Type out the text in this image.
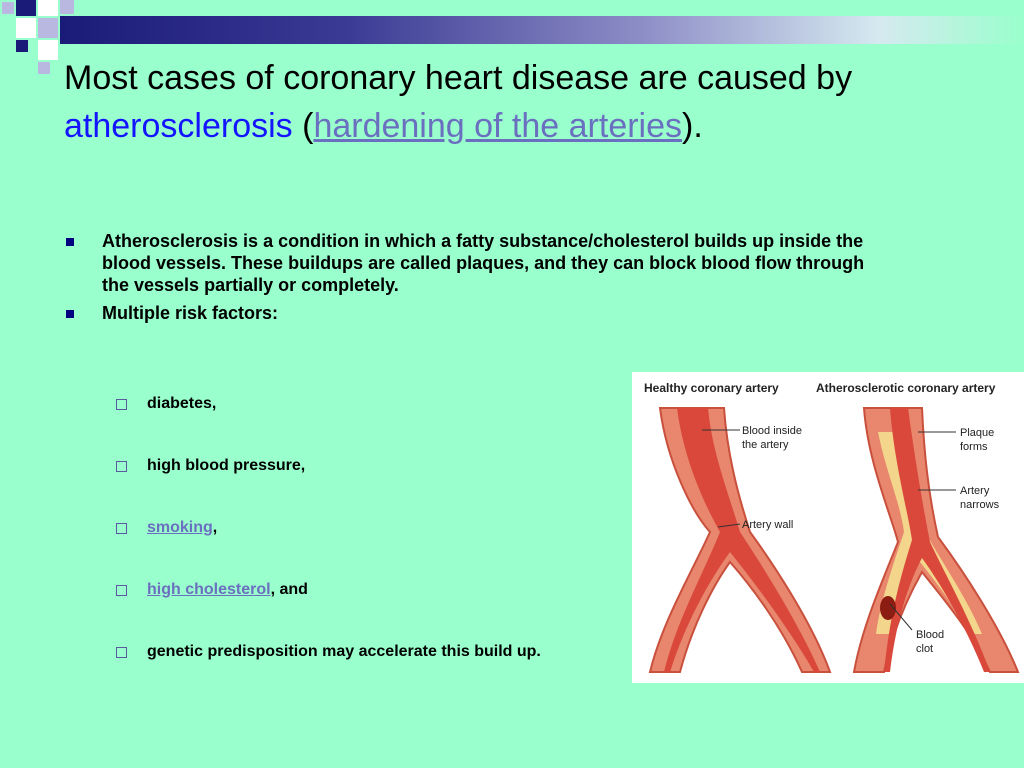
Most cases of coronary heart disease are caused by atherosclerosis (hardening of the arteries).
Atherosclerosis is a condition in which a fatty substance/cholesterol builds up inside the blood vessels. These buildups are called plaques, and they can block blood flow through the vessels partially or completely.
Multiple risk factors:
diabetes,
high blood pressure,
smoking,
high cholesterol, and
genetic predisposition may accelerate this build up.
Healthy coronary artery	Atherosclerotic coronary artery
Blood inside
the artery
Artery wall
Plaque
forms
Artery
narrows
Blood
clot
